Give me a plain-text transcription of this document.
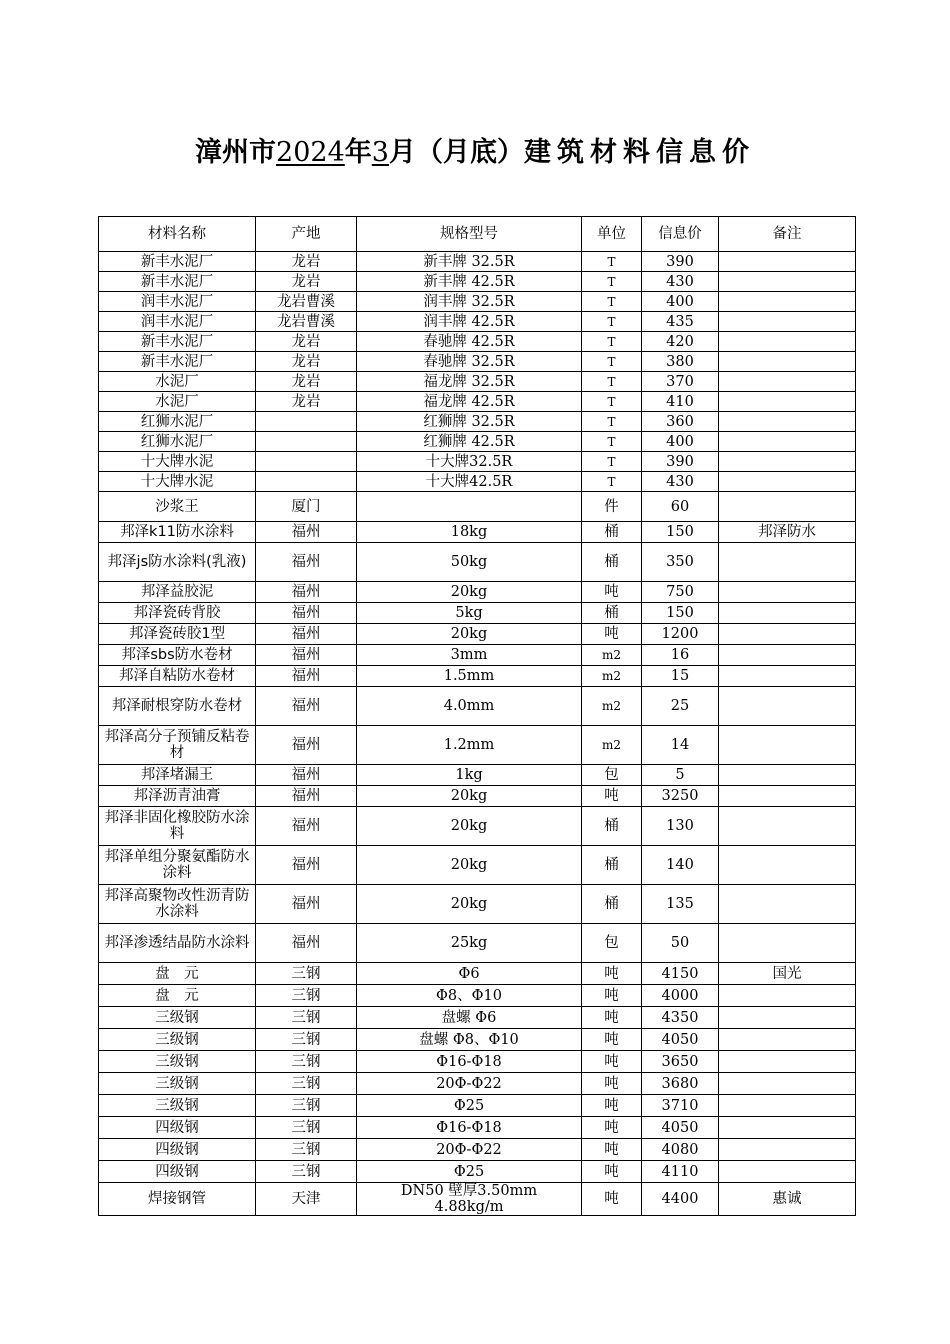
漳州市2024年3月（月底）建筑材料信息价
材料名称	产地	规格型号	单位	信息价	备注
新丰水泥厂	龙岩	新丰牌 32.5R	T	390	
新丰水泥厂	龙岩	新丰牌 42.5R	T	430	
润丰水泥厂	龙岩曹溪	润丰牌 32.5R	T	400	
润丰水泥厂	龙岩曹溪	润丰牌 42.5R	T	435	
新丰水泥厂	龙岩	春驰牌 42.5R	T	420	
新丰水泥厂	龙岩	春驰牌 32.5R	T	380	
水泥厂	龙岩	福龙牌 32.5R	T	370	
水泥厂	龙岩	福龙牌 42.5R	T	410	
红狮水泥厂		红狮牌 32.5R	T	360	
红狮水泥厂		红狮牌 42.5R	T	400	
十大牌水泥		十大牌32.5R	T	390	
十大牌水泥		十大牌42.5R	T	430	
沙浆王	厦门		件	60	
邦泽k11防水涂料	福州	18kg	桶	150	邦泽防水
邦泽js防水涂料(乳液)	福州	50kg	桶	350	
邦泽益胶泥	福州	20kg	吨	750	
邦泽瓷砖背胶	福州	5kg	桶	150	
邦泽瓷砖胶1型	福州	20kg	吨	1200	
邦泽sbs防水卷材	福州	3mm	m2	16	
邦泽自粘防水卷材	福州	1.5mm	m2	15	
邦泽耐根穿防水卷材	福州	4.0mm	m2	25	
邦泽高分子预铺反粘卷材	福州	1.2mm	m2	14	
邦泽堵漏王	福州	1kg	包	5	
邦泽沥青油膏	福州	20kg	吨	3250	
邦泽非固化橡胶防水涂料	福州	20kg	桶	130	
邦泽单组分聚氨酯防水涂料	福州	20kg	桶	140	
邦泽高聚物改性沥青防水涂料	福州	20kg	桶	135	
邦泽渗透结晶防水涂料	福州	25kg	包	50	
盘　元	三钢	Φ6	吨	4150	国光
盘　元	三钢	Φ8、Φ10	吨	4000	
三级钢	三钢	盘螺 Φ6	吨	4350	
三级钢	三钢	盘螺 Φ8、Φ10	吨	4050	
三级钢	三钢	Φ16-Φ18	吨	3650	
三级钢	三钢	20Φ-Φ22	吨	3680	
三级钢	三钢	Φ25	吨	3710	
四级钢	三钢	Φ16-Φ18	吨	4050	
四级钢	三钢	20Φ-Φ22	吨	4080	
四级钢	三钢	Φ25	吨	4110	
焊接钢管	天津	DN50 壁厚3.50mm　4.88kg/m	吨	4400	惠诚
